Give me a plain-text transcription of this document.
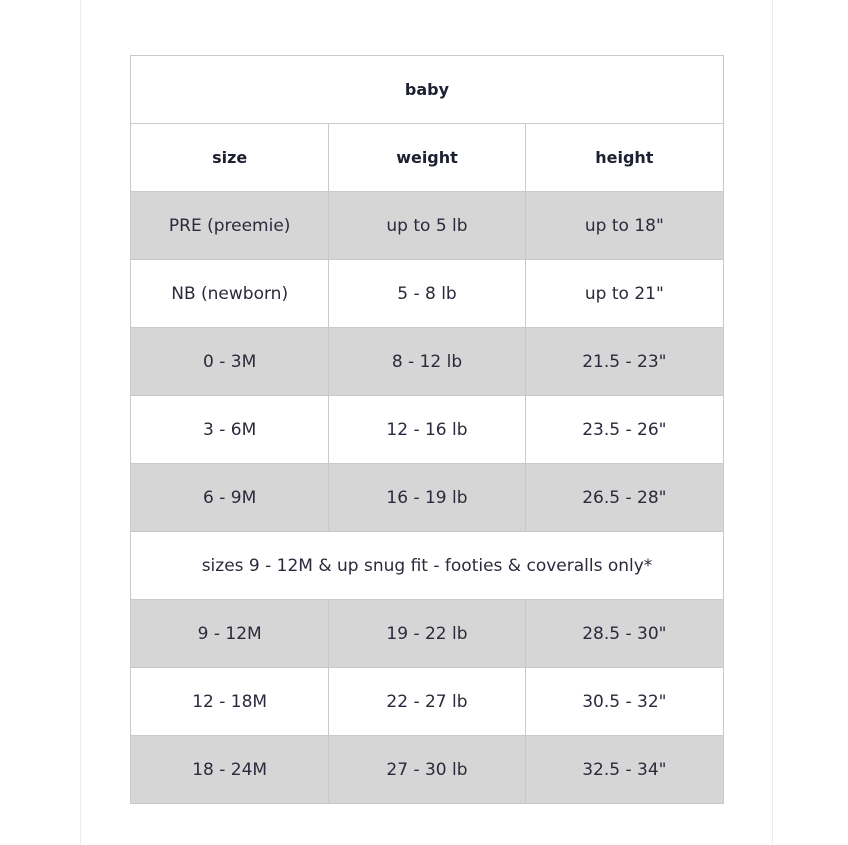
baby		
size	weight	height
PRE (preemie)	up to 5 lb	up to 18"
NB (newborn)	5 - 8 lb	up to 21"
0 - 3M	8 - 12 lb	21.5 - 23"
3 - 6M	12 - 16 lb	23.5 - 26"
6 - 9M	16 - 19 lb	26.5 - 28"
sizes 9 - 12M & up snug fit - footies & coveralls only*		
9 - 12M	19 - 22 lb	28.5 - 30"
12 - 18M	22 - 27 lb	30.5 - 32"
18 - 24M	27 - 30 lb	32.5 - 34"
